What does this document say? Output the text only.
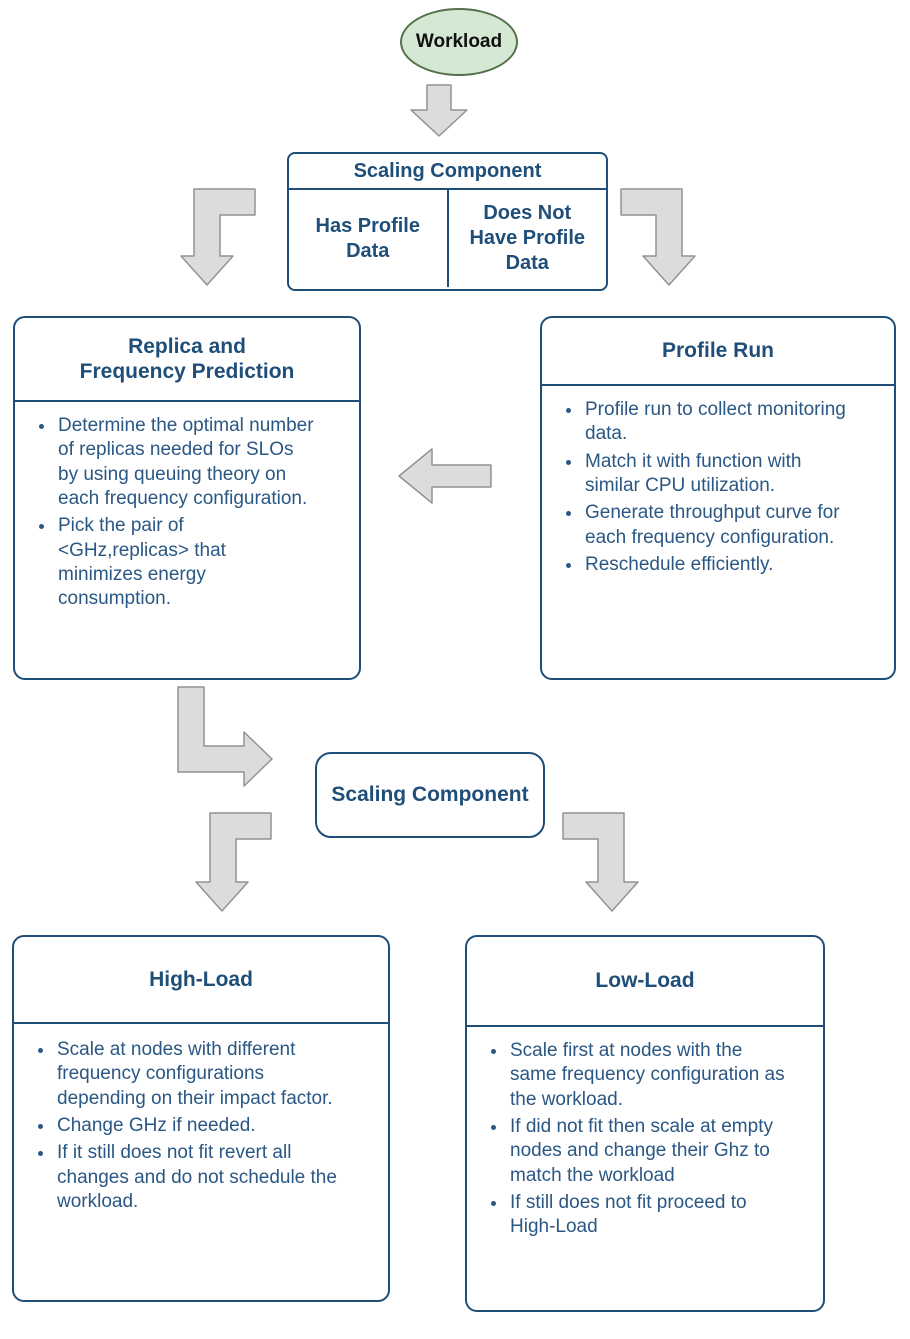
Workload
Scaling Component
Has Profile Data
Does Not Have Profile Data
Replica and Frequency Prediction
• Determine the optimal number of replicas needed for SLOs by using queuing theory on each frequency configuration.
• Pick the pair of <GHz,replicas> that minimizes energy consumption.
Profile Run
• Profile run to collect monitoring data.
• Match it with function with similar CPU utilization.
• Generate throughput curve for each frequency configuration.
• Reschedule efficiently.
Scaling Component
High-Load
• Scale at nodes with different frequency configurations depending on their impact factor.
• Change GHz if needed.
• If it still does not fit revert all changes and do not schedule the workload.
Low-Load
• Scale first at nodes with the same frequency configuration as the workload.
• If did not fit then scale at empty nodes and change their Ghz to match the workload
• If still does not fit proceed to High-Load
